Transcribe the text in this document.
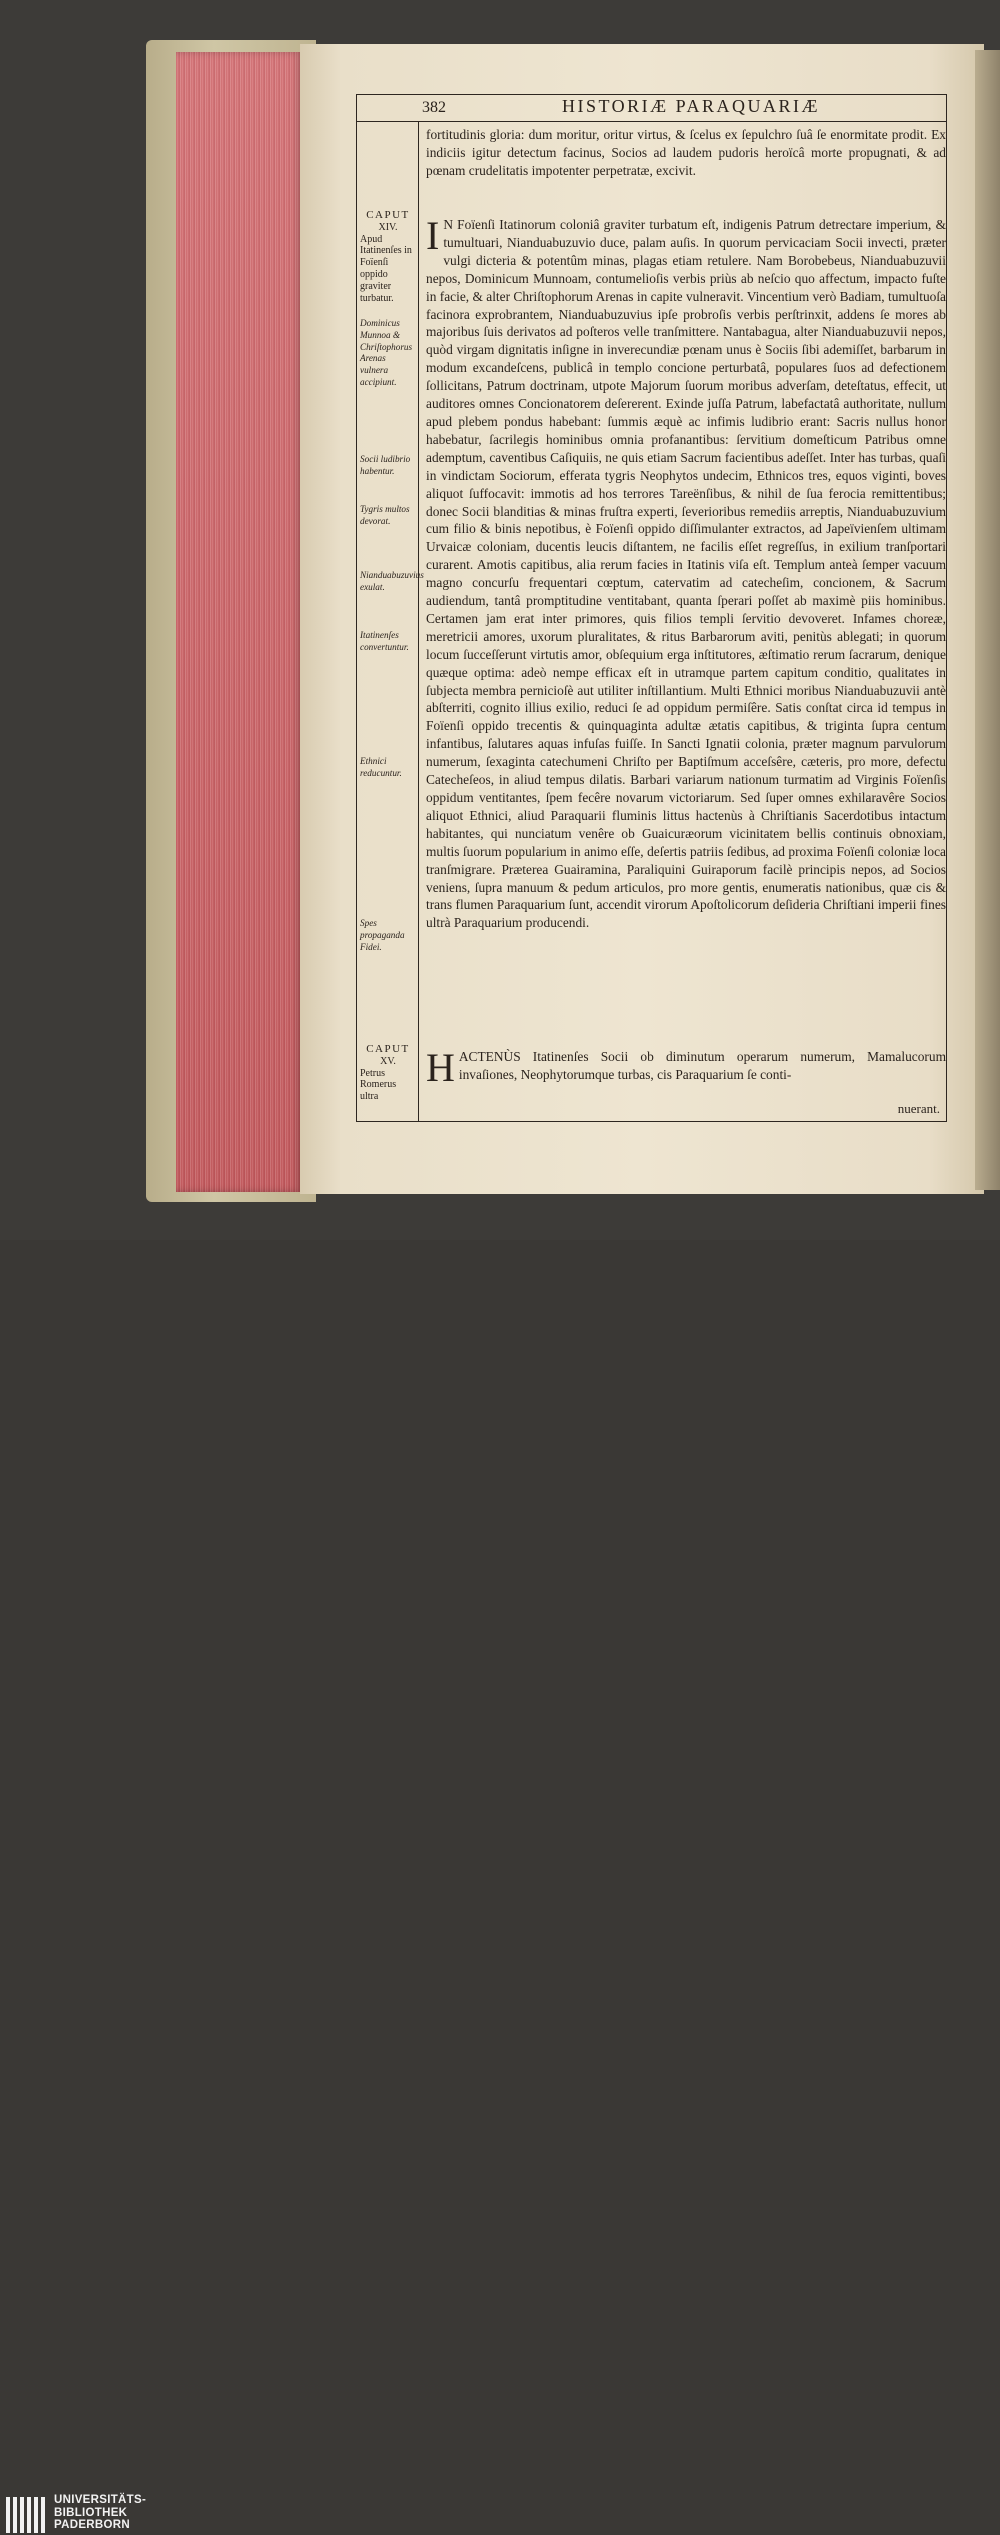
382	HISTORIÆ PARAQUARIÆ

fortitudinis gloria: dum moritur, oritur virtus, & ſcelus ex ſepulchro ſuâ ſe enormitate prodit. Ex indiciis igitur detectum facinus, Socios ad laudem pudoris heroïcâ morte propugnati, & ad pœnam crudelitatis impotenter perpetratæ, excivit.

I N Foïenſi Itatinorum coloniâ graviter turbatum eſt, indigenis Patrum detrectare imperium, & tumultuari, Nianduabuzuvio duce, palam auſis. In quorum pervicaciam Socii invecti, præter vulgi dicteria & potentûm minas, plagas etiam retulere. Nam Borobebeus, Nianduabuzuvii nepos, Dominicum Munnoam, contumelioſis verbis priùs ab neſcio quo affectum, impacto fuſte in facie, & alter Chriſtophorum Arenas in capite vulneravit. Vincentium verò Badiam, tumultuoſa facinora exprobrantem, Nianduabuzuvius ipſe probroſis verbis perſtrinxit, addens ſe mores ab majoribus ſuis derivatos ad poſteros velle tranſmittere. Nantabagua, alter Nianduabuzuvii nepos, quòd virgam dignitatis inſigne in inverecundiæ pœnam unus è Sociis ſibi ademiſſet, barbarum in modum excandeſcens, publicâ in templo concione perturbatâ, populares ſuos ad defectionem ſollicitans, Patrum doctrinam, utpote Majorum ſuorum moribus adverſam, deteſtatus, effecit, ut auditores omnes Concionatorem deſererent. Exinde juſſa Patrum, labefactatâ authoritate, nullum apud plebem pondus habebant: ſummis æquè ac infimis ludibrio erant: Sacris nullus honor habebatur, ſacrilegis hominibus omnia profanantibus: ſervitium domeſticum Patribus omne ademptum, caventibus Caſiquiis, ne quis etiam Sacrum facientibus adeſſet. Inter has turbas, quaſi in vindictam Sociorum, efferata tygris Neophytos undecim, Ethnicos tres, equos viginti, boves aliquot ſuffocavit: immotis ad hos terrores Tareënſibus, & nihil de ſua ferocia remittentibus; donec Socii blanditias & minas fruſtra experti, ſeverioribus remediis arreptis, Nianduabuzuvium cum filio & binis nepotibus, è Foïenſi oppido diſſimulanter extractos, ad Japeïvienſem ultimam Urvaicæ coloniam, ducentis leucis diſtantem, ne facilis eſſet regreſſus, in exilium tranſportari curarent. Amotis capitibus, alia rerum facies in Itatinis viſa eſt. Templum anteà ſemper vacuum magno concurſu frequentari cœptum, catervatim ad catecheſim, concionem, & Sacrum audiendum, tantâ promptitudine ventitabant, quanta ſperari poſſet ab maximè piis hominibus. Certamen jam erat inter primores, quis filios templi ſervitio devoveret. Infames choreæ, meretricii amores, uxorum pluralitates, & ritus Barbarorum aviti, penitùs ablegati; in quorum locum ſucceſſerunt virtutis amor, obſequium erga inſtitutores, æſtimatio rerum ſacrarum, denique quæque optima: adeò nempe efficax eſt in utramque partem capitum conditio, qualitates in ſubjecta membra pernicioſè aut utiliter inſtillantium. Multi Ethnici moribus Nianduabuzuvii antè abſterriti, cognito illius exilio, reduci ſe ad oppidum permiſêre. Satis conſtat circa id tempus in Foïenſi oppido trecentis & quinquaginta adultæ ætatis capitibus, & triginta ſupra centum infantibus, ſalutares aquas infuſas fuiſſe. In Sancti Ignatii colonia, præter magnum parvulorum numerum, ſexaginta catechumeni Chriſto per Baptiſmum acceſsêre, cæteris, pro more, defectu Catecheſeos, in aliud tempus dilatis. Barbari variarum nationum turmatim ad Virginis Foïenſis oppidum ventitantes, ſpem fecêre novarum victoriarum. Sed ſuper omnes exhilaravêre Socios aliquot Ethnici, aliud Paraquarii fluminis littus hactenùs à Chriſtianis Sacerdotibus intactum habitantes, qui nunciatum venêre ob Guaicuræorum vicinitatem bellis continuis obnoxiam, multis ſuorum popularium in animo eſſe, deſertis patriis ſedibus, ad proxima Foïenſi coloniæ loca tranſmigrare. Præterea Guairamina, Paraliquini Guiraporum facilè principis nepos, ad Socios veniens, ſupra manuum & pedum articulos, pro more gentis, enumeratis nationibus, quæ cis & trans flumen Paraquarium ſunt, accendit virorum Apoſtolicorum deſideria Chriſtiani imperii fines ultrà Paraquarium producendi.
H ACTENÙS Itatinenſes Socii ob diminutum operarum numerum, Mamalucorum invaſiones, Neophytorumque turbas, cis Paraquarium ſe conti-
nuerant.
CAPUT
XIV.
Apud Itatinenſes in Foïenſi oppido graviter turbatur.
Dominicus Munnoa & Chriſtophorus Arenas vulnera accipiunt.
Socii ludibrio habentur.
Tygris multos devorat.
Nianduabuzuvius exulat.
Itatinenſes convertuntur.
Ethnici reducuntur.
Spes propaganda Fidei.
CAPUT
XV.
Petrus Romerus ultra
UNIVERSITÄTS-
BIBLIOTHEK
PADERBORN
